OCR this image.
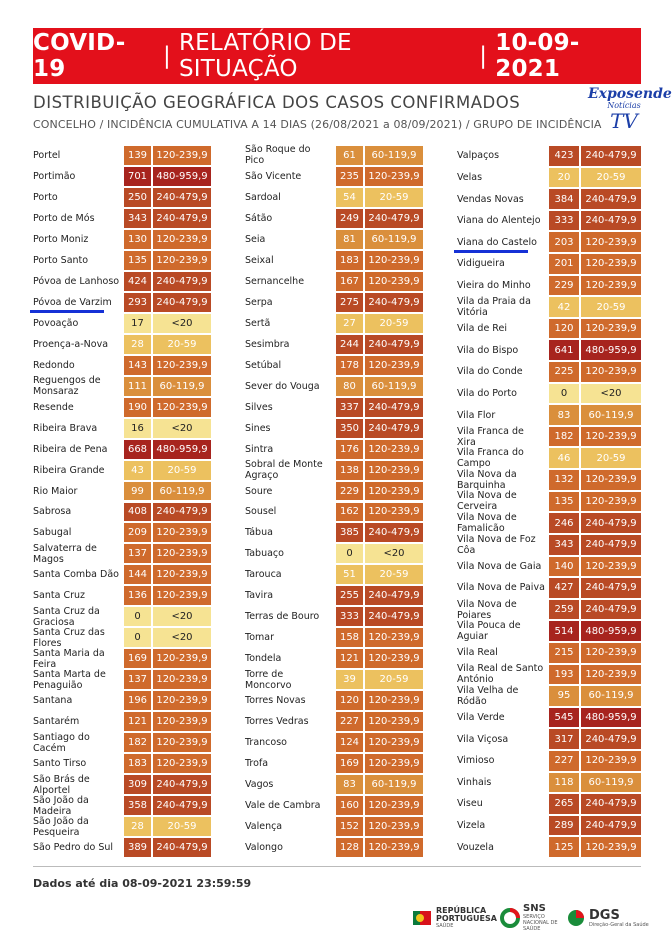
COVID-19	| RELATÓRIO DE SITUAÇÃO	| 10-09-2021
DISTRIBUIÇÃO GEOGRÁFICA DOS CASOS CONFIRMADOS
CONCELHO / INCIDÊNCIA CUMULATIVA A 14 DIAS (26/08/2021 a 08/09/2021) / GRUPO DE INCIDÊNCIA
Exposende
Notícias
TV
Portel	139 120-239,9
Portimão	701 480-959,9
Porto	250 240-479,9
Porto de Mós	343 240-479,9
Porto Moniz	130 120-239,9
Porto Santo	135 120-239,9
Póvoa de Lanhoso 424 240-479,9
Póvoa de Varzim	293 240-479,9
Povoação	17	<20
Proença-a-Nova	28	20-59
Redondo	143 120-239,9
Reguengos de Monsaraz	111	60-119,9
Resende	190 120-239,9
Ribeira Brava	16	<20
Ribeira de Pena	668 480-959,9
Ribeira Grande	43	20-59
Rio Maior	99	60-119,9
Sabrosa	408 240-479,9
Sabugal	209 120-239,9
Salvaterra de Magos	137 120-239,9
Santa Comba Dão 144 120-239,9
Santa Cruz	136 120-239,9
Santa Cruz da Graciosa	0	<20
Santa Cruz das Flores	0	<20
Santa Maria da Feira	169 120-239,9
Santa Marta de Penaguião	137 120-239,9
Santana	196 120-239,9
Santarém	121 120-239,9
Santiago do Cacém	182 120-239,9
Santo Tirso	183 120-239,9
São Brás de Alportel	309 240-479,9
São João da Madeira	358 240-479,9
São João da Pesqueira	28	20-59
São Pedro do Sul	389 240-479,9
São Roque do Pico	61	60-119,9
São Vicente	235 120-239,9
Sardoal	54	20-59
Sátão	249 240-479,9
Seia	81	60-119,9
Seixal	183 120-239,9
Sernancelhe	167 120-239,9
Serpa	275 240-479,9
Sertã	27	20-59
Sesimbra	244 240-479,9
Setúbal	178 120-239,9
Sever do Vouga	80	60-119,9
Silves	337 240-479,9
Sines	350 240-479,9
Sintra	176 120-239,9
Sobral de Monte Agraço	138 120-239,9
Soure	229 120-239,9
Sousel	162 120-239,9
Tábua	385 240-479,9
Tabuaço	0	<20
Tarouca	51	20-59
Tavira	255 240-479,9
Terras de Bouro	333 240-479,9
Tomar	158 120-239,9
Tondela	121 120-239,9
Torre de Moncorvo	39	20-59
Torres Novas	120 120-239,9
Torres Vedras	227 120-239,9
Trancoso	124 120-239,9
Trofa	169 120-239,9
Vagos	83	60-119,9
Vale de Cambra	160 120-239,9
Valença	152 120-239,9
Valongo	128 120-239,9
Valpaços	423	240-479,9
Velas	20	20-59
Vendas Novas	384	240-479,9
Viana do Alentejo	333	240-479,9
Viana do Castelo	203	120-239,9
Vidigueira	201	120-239,9
Vieira do Minho	229	120-239,9
Vila da Praia da Vitória	42	20-59
Vila de Rei	120	120-239,9
Vila do Bispo	641	480-959,9
Vila do Conde	225	120-239,9
Vila do Porto	0	<20
Vila Flor	83	60-119,9
Vila Franca de Xira	182	120-239,9
Vila Franca do Campo	46	20-59
Vila Nova da Barquinha	132	120-239,9
Vila Nova de Cerveira	135	120-239,9
Vila Nova de Famalicão	246	240-479,9
Vila Nova de Foz Côa	343	240-479,9
Vila Nova de Gaia	140	120-239,9
Vila Nova de Paiva 427	240-479,9
Vila Nova de Poiares	259	240-479,9
Vila Pouca de Aguiar	514	480-959,9
Vila Real	215	120-239,9
Vila Real de Santo António	193	120-239,9
Vila Velha de Ródão	95	60-119,9
Vila Verde	545	480-959,9
Vila Viçosa	317	240-479,9
Vimioso	227	120-239,9
Vinhais	118	60-119,9
Viseu	265	240-479,9
Vizela	289	240-479,9
Vouzela	125	120-239,9
Dados até dia 08-09-2021 23:59:59
REPÚBLICA
PORTUGUESA
SAÚDE
SNS
SERVIÇO NACIONAL DE SAÚDE
DGS
Direção-Geral da Saúde
